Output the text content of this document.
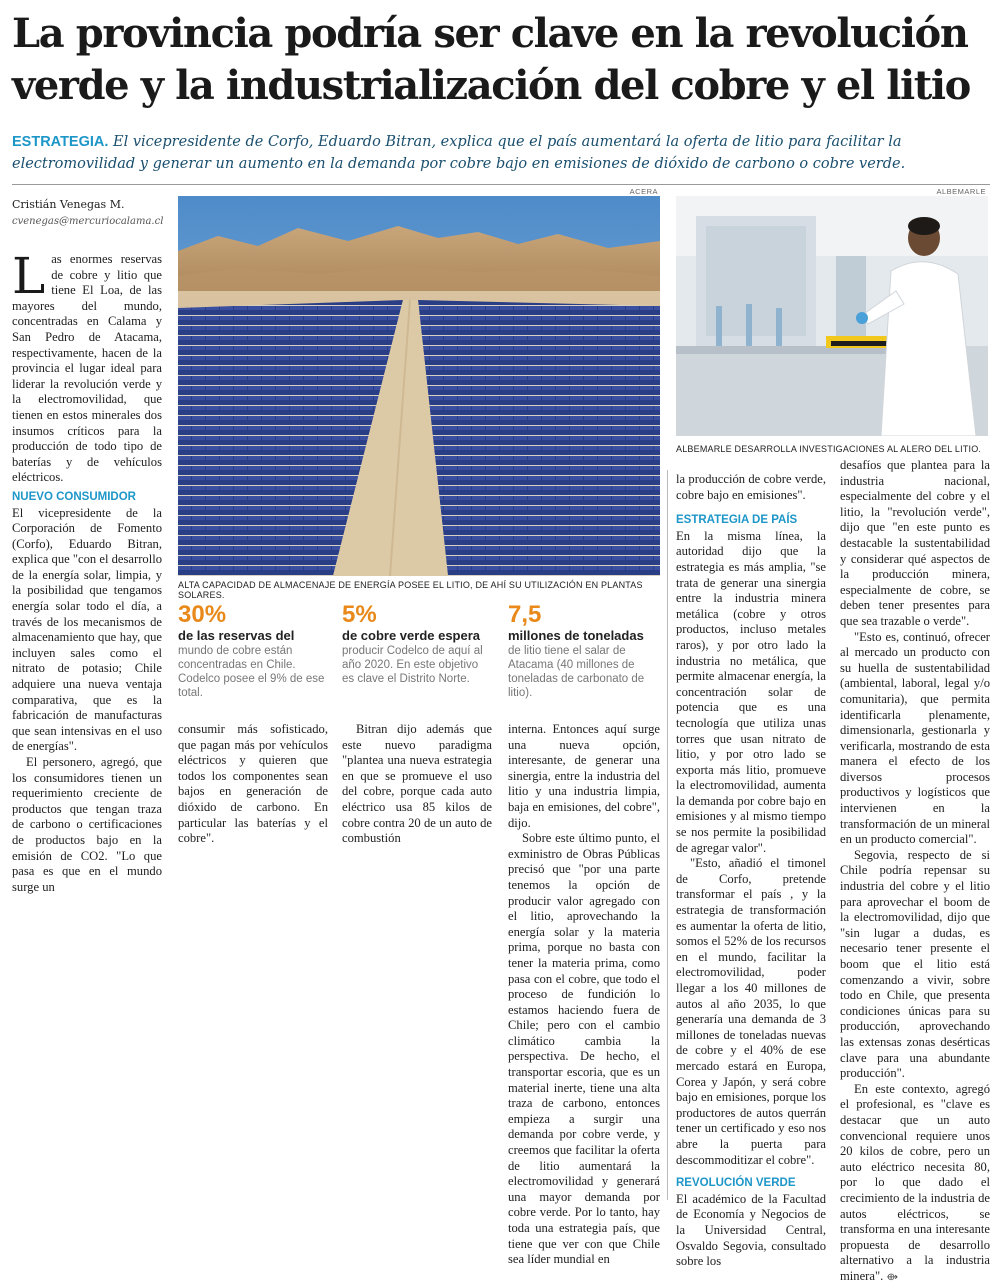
La provincia podría ser clave en la revolución verde y la industrialización del cobre y el litio

ESTRATEGIA. El vicepresidente de Corfo, Eduardo Bitran, explica que el país aumentará la oferta de litio para facilitar la electromovilidad y generar un aumento en la demanda por cobre bajo en emisiones de dióxido de carbono o cobre verde.

Cristián Venegas M.
cvenegas@mercuriocalama.cl
ACERA
ALTA CAPACIDAD DE ALMACENAJE DE ENERGÍA POSEE EL LITIO, DE AHÍ SU UTILIZACIÓN EN PLANTAS SOLARES.
ALBEMARLE
ALBEMARLE DESARROLLA INVESTIGACIONES AL ALERO DEL LITIO.
30%
de las reservas del
mundo de cobre están concentradas en Chile. Codelco posee el 9% de ese total.
5%
de cobre verde espera
producir Codelco de aquí al año 2020. En este objetivo es clave el Distrito Norte.
7,5
millones de toneladas
de litio tiene el salar de Atacama (40 millones de toneladas de carbonato de litio).

Las enormes reservas de cobre y litio que tiene El Loa, de las mayores del mundo, concentradas en Calama y San Pedro de Atacama, respectivamente, hacen de la provincia el lugar ideal para liderar la revolución verde y la electromovilidad, que tienen en estos minerales dos insumos críticos para la producción de todo tipo de baterías y de vehículos eléctricos.

NUEVO CONSUMIDOR

El vicepresidente de la Corporación de Fomento (Corfo), Eduardo Bitran, explica que "con el desarrollo de la energía solar, limpia, y la posibilidad que tengamos energía solar todo el día, a través de los mecanismos de almacenamiento que hay, que incluyen sales como el nitrato de potasio; Chile adquiere una nueva ventaja comparativa, que es la fabricación de manufacturas que sean intensivas en el uso de energías".

El personero, agregó, que los consumidores tienen un requerimiento creciente de productos que tengan traza de carbono o certificaciones de productos bajo en la emisión de CO2. "Lo que pasa es que en el mundo surge un

consumir más sofisticado, que pagan más por vehículos eléctricos y quieren que todos los componentes sean bajos en generación de dióxido de carbono. En particular las baterías y el cobre".

Bitran dijo además que este nuevo paradigma "plantea una nueva estrategia en que se promueve el uso del cobre, porque cada auto eléctrico usa 85 kilos de cobre contra 20 de un auto de combustión

interna. Entonces aquí surge una nueva opción, interesante, de generar una sinergia, entre la industria del litio y una industria limpia, baja en emisiones, del cobre", dijo.

Sobre este último punto, el exministro de Obras Públicas precisó que "por una parte tenemos la opción de producir valor agregado con el litio, aprovechando la energía solar y la materia prima, porque no basta con tener la materia prima, como pasa con el cobre, que todo el proceso de fundición lo estamos haciendo fuera de Chile; pero con el cambio climático cambia la perspectiva. De hecho, el transportar escoria, que es un material inerte, tiene una alta traza de carbono, entonces empieza a surgir una demanda por cobre verde, y creemos que facilitar la oferta de litio aumentará la electromovilidad y generará una mayor demanda por cobre verde. Por lo tanto, hay toda una estrategia país, que tiene que ver con que Chile sea líder mundial en

la producción de cobre verde, cobre bajo en emisiones".

ESTRATEGIA DE PAÍS

En la misma línea, la autoridad dijo que la estrategia es más amplia, "se trata de generar una sinergia entre la industria minera metálica (cobre y otros productos, incluso metales raros), y por otro lado la industria no metálica, que permite almacenar energía, la concentración solar de potencia que es una tecnología que utiliza unas torres que usan nitrato de litio, y por otro lado se exporta más litio, promueve la electromovilidad, aumenta la demanda por cobre bajo en emisiones y al mismo tiempo se nos permite la posibilidad de agregar valor".

"Esto, añadió el timonel de Corfo, pretende transformar el país , y la estrategia de transformación es aumentar la oferta de litio, somos el 52% de los recursos en el mundo, facilitar la electromovilidad, poder llegar a los 40 millones de autos al año 2035, lo que generaría una demanda de 3 millones de toneladas nuevas de cobre y el 40% de ese mercado estará en Europa, Corea y Japón, y será cobre bajo en emisiones, porque los productores de autos querrán tener un certificado y eso nos abre la puerta para descommoditizar el cobre".

REVOLUCIÓN VERDE

El académico de la Facultad de Economía y Negocios de la Universidad Central, Osvaldo Segovia, consultado sobre los

desafíos que plantea para la industria nacional, especialmente del cobre y el litio, la "revolución verde", dijo que "en este punto es destacable la sustentabilidad y considerar qué aspectos de la producción minera, especialmente de cobre, se deben tener presentes para que sea trazable o verde".

"Esto es, continuó, ofrecer al mercado un producto con su huella de sustentabilidad (ambiental, laboral, legal y/o comunitaria), que permita identificarla plenamente, dimensionarla, gestionarla y verificarla, mostrando de esta manera el efecto de los diversos procesos productivos y logísticos que intervienen en la transformación de un mineral en un producto comercial".

Segovia, respecto de si Chile podría repensar su industria del cobre y el litio para aprovechar el boom de la electromovilidad, dijo que "sin lugar a dudas, es necesario tener presente el boom que el litio está comenzando a vivir, sobre todo en Chile, que presenta condiciones únicas para su producción, aprovechando las extensas zonas desérticas clave para una abundante producción".

En este contexto, agregó el profesional, es "clave es destacar que un auto convencional requiere unos 20 kilos de cobre, pero un auto eléctrico necesita 80, por lo que dado el crecimiento de la industria de autos eléctricos, se transforma en una interesante propuesta de desarrollo alternativo a la industria minera". ⟴
